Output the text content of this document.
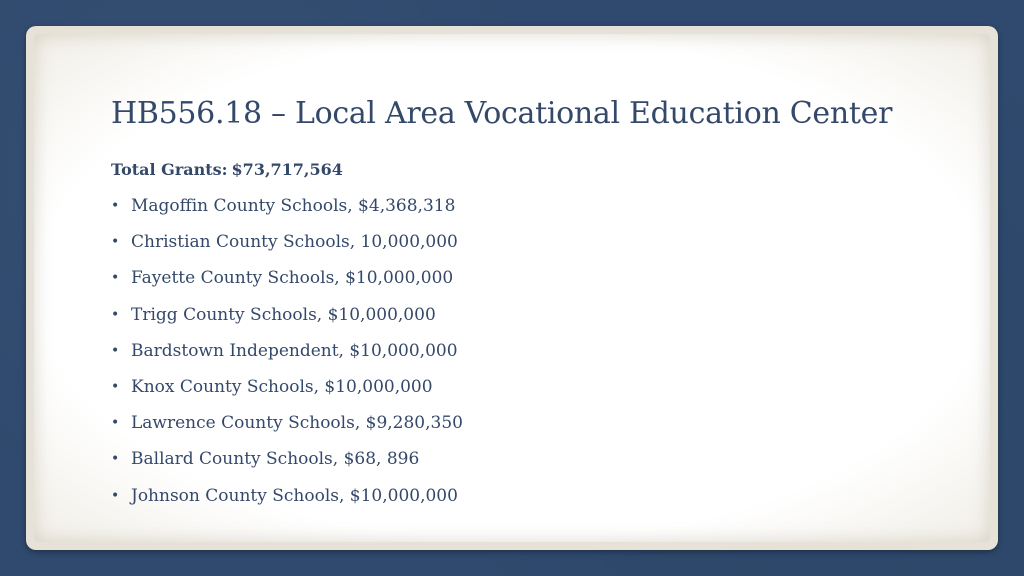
HB556.18 – Local Area Vocational Education Center
Total Grants: $73,717,564
• Magoffin County Schools, $4,368,318
• Christian County Schools, 10,000,000
• Fayette County Schools, $10,000,000
• Trigg County Schools, $10,000,000
• Bardstown Independent, $10,000,000
• Knox County Schools, $10,000,000
• Lawrence County Schools, $9,280,350
• Ballard County Schools, $68, 896
• Johnson County Schools, $10,000,000
